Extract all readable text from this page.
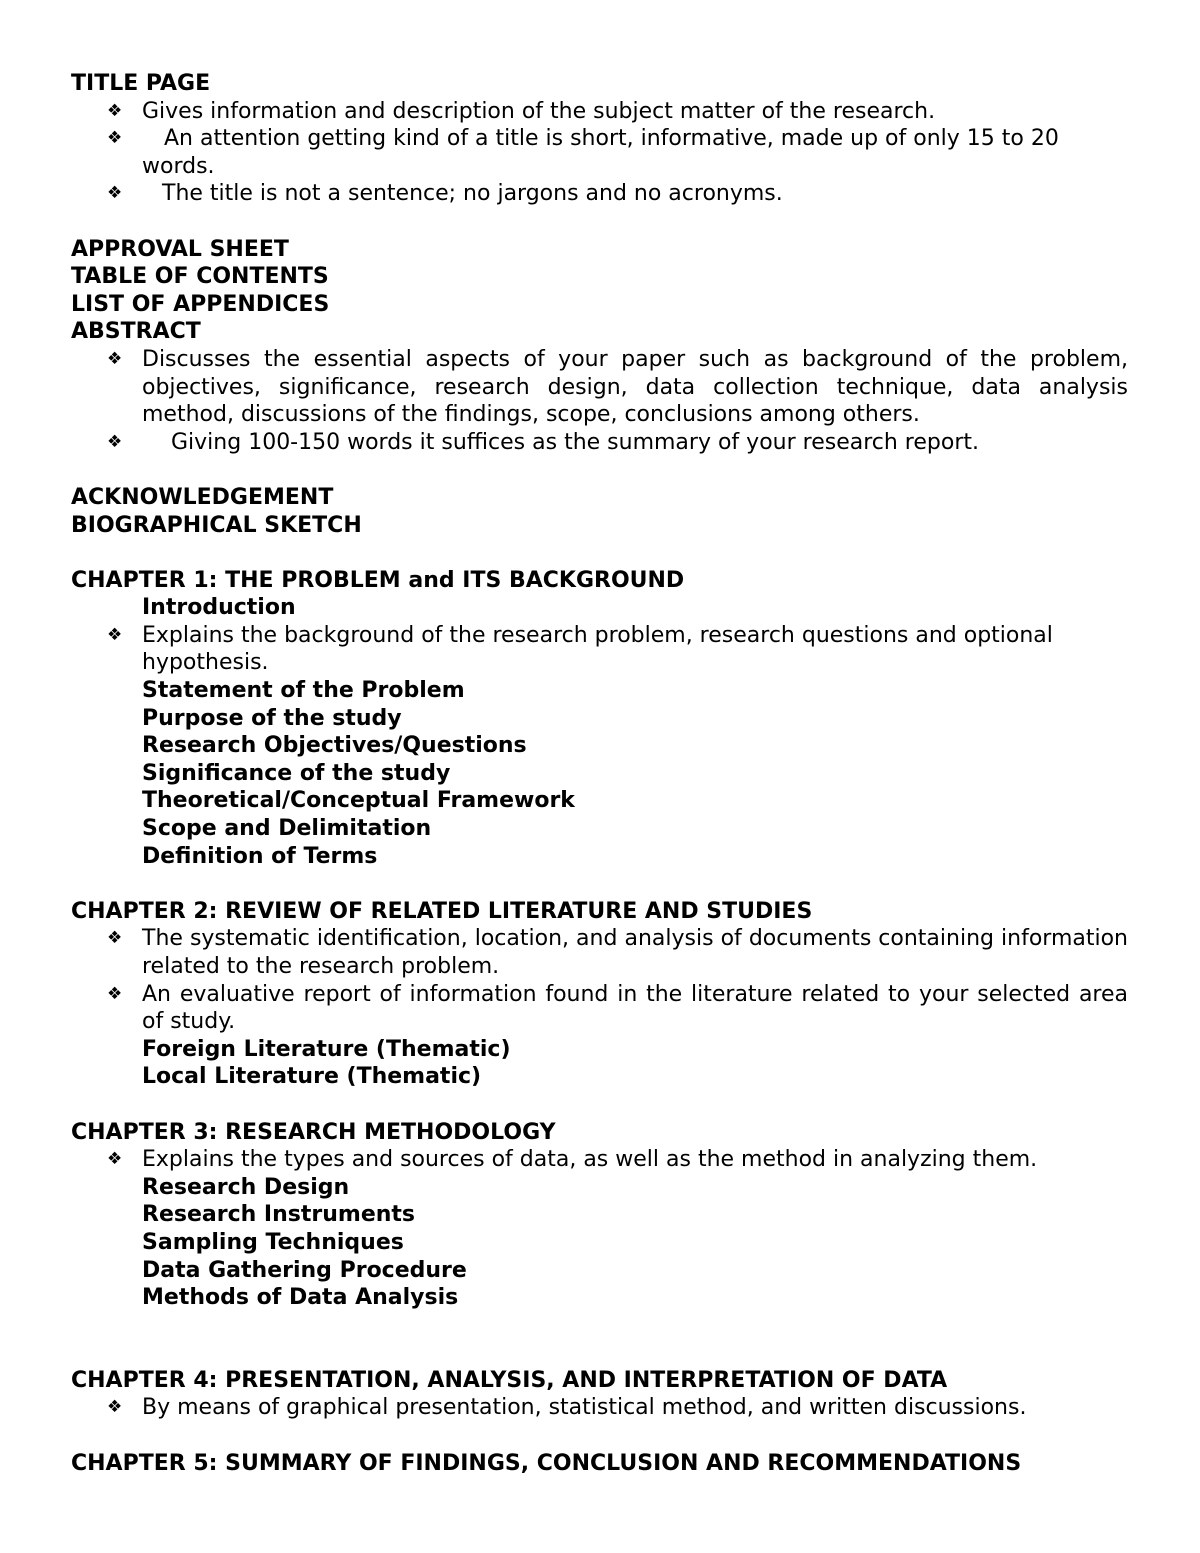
TITLE PAGE
❖ Gives information and description of the subject matter of the research.
❖ An attention getting kind of a title is short, informative, made up of only 15 to 20 words.
❖ The title is not a sentence; no jargons and no acronyms.
APPROVAL SHEET
TABLE OF CONTENTS
LIST OF APPENDICES
ABSTRACT
❖ Discusses the essential aspects of your paper such as background of the problem, objectives, significance, research design, data collection technique, data analysis method, discussions of the findings, scope, conclusions among others.
❖ Giving 100-150 words it suffices as the summary of your research report.
ACKNOWLEDGEMENT
BIOGRAPHICAL SKETCH
CHAPTER 1: THE PROBLEM and ITS BACKGROUND
Introduction
❖ Explains the background of the research problem, research questions and optional hypothesis.
Statement of the Problem
Purpose of the study
Research Objectives/Questions
Significance of the study
Theoretical/Conceptual Framework
Scope and Delimitation
Definition of Terms
CHAPTER 2: REVIEW OF RELATED LITERATURE AND STUDIES
❖ The systematic identification, location, and analysis of documents containing information related to the research problem.
❖ An evaluative report of information found in the literature related to your selected area of study.
Foreign Literature (Thematic)
Local Literature (Thematic)
CHAPTER 3: RESEARCH METHODOLOGY
❖ Explains the types and sources of data, as well as the method in analyzing them.
Research Design
Research Instruments
Sampling Techniques
Data Gathering Procedure
Methods of Data Analysis
CHAPTER 4: PRESENTATION, ANALYSIS, AND INTERPRETATION OF DATA
❖ By means of graphical presentation, statistical method, and written discussions.
CHAPTER 5: SUMMARY OF FINDINGS, CONCLUSION AND RECOMMENDATIONS
